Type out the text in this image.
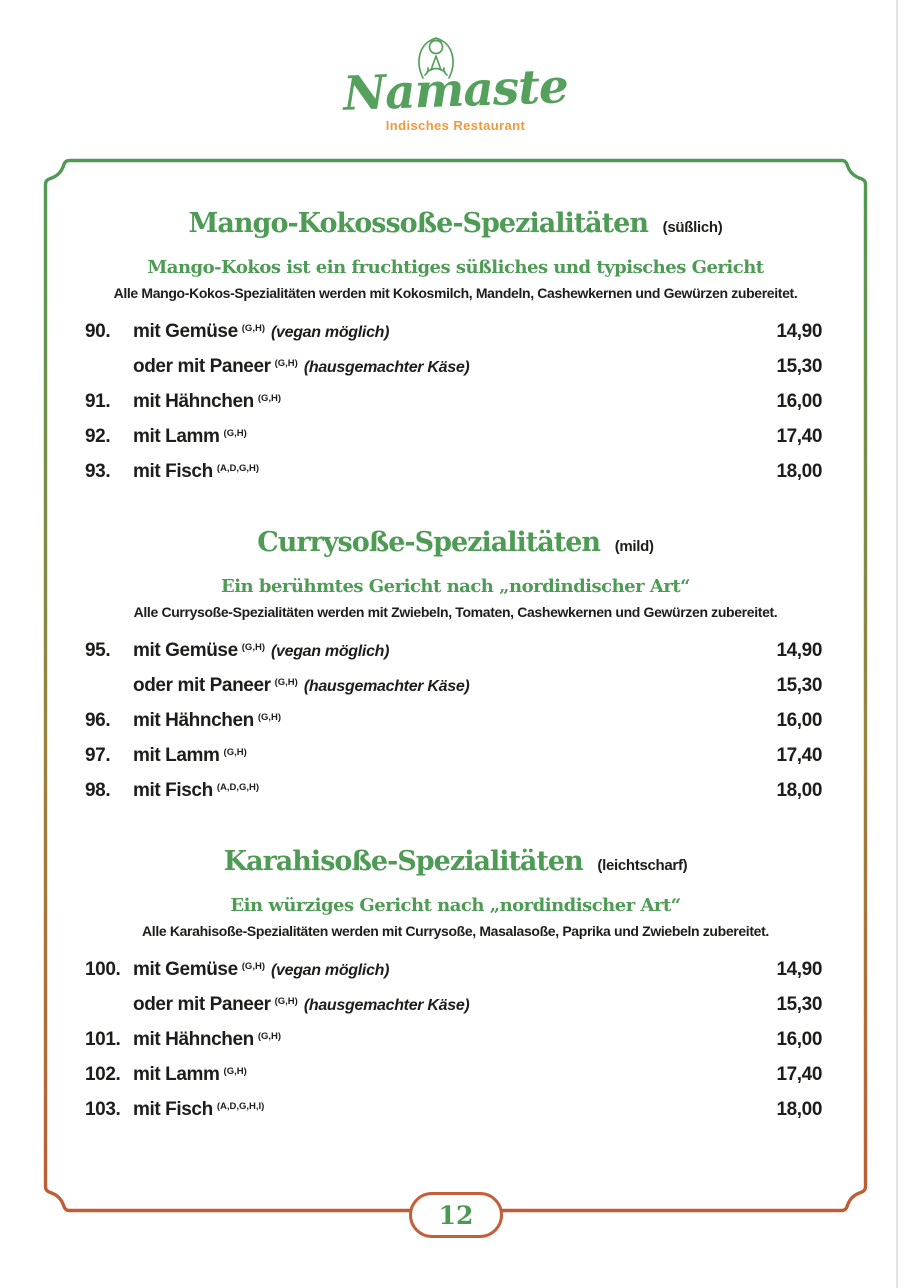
Namaste
Indisches Restaurant
Mango-Kokossoße-Spezialitäten (süßlich)
Mango-Kokos ist ein fruchtiges süßliches und typisches Gericht
Alle Mango-Kokos-Spezialitäten werden mit Kokosmilch, Mandeln, Cashewkernen und Gewürzen zubereitet.
90.	mit Gemüse $^{(G,H)}$ (vegan möglich)	14,90
oder mit Paneer $^{(G,H)}$ (hausgemachter Käse)	15,30
91.	mit Hähnchen $^{(G,H)}$	16,00
92.	mit Lamm $^{(G,H)}$	17,40
93.	mit Fisch $^{(A,D,G,H)}$	18,00
Currysoße-Spezialitäten (mild)
Ein berühmtes Gericht nach „nordindischer Art“
Alle Currysoße-Spezialitäten werden mit Zwiebeln, Tomaten, Cashewkernen und Gewürzen zubereitet.
95.	mit Gemüse $^{(G,H)}$ (vegan möglich)	14,90
oder mit Paneer $^{(G,H)}$ (hausgemachter Käse)	15,30
96.	mit Hähnchen $^{(G,H)}$	16,00
97.	mit Lamm $^{(G,H)}$	17,40
98.	mit Fisch $^{(A,D,G,H)}$	18,00
Karahisoße-Spezialitäten (leichtscharf)
Ein würziges Gericht nach „nordindischer Art“
Alle Karahisoße-Spezialitäten werden mit Currysoße, Masalasoße, Paprika und Zwiebeln zubereitet.
100. mit Gemüse $^{(G,H)}$ (vegan möglich)	14,90
oder mit Paneer $^{(G,H)}$ (hausgemachter Käse)	15,30
101. mit Hähnchen $^{(G,H)}$	16,00
102. mit Lamm $^{(G,H)}$	17,40
103. mit Fisch $^{(A,D,G,H,I)}$	18,00
12
